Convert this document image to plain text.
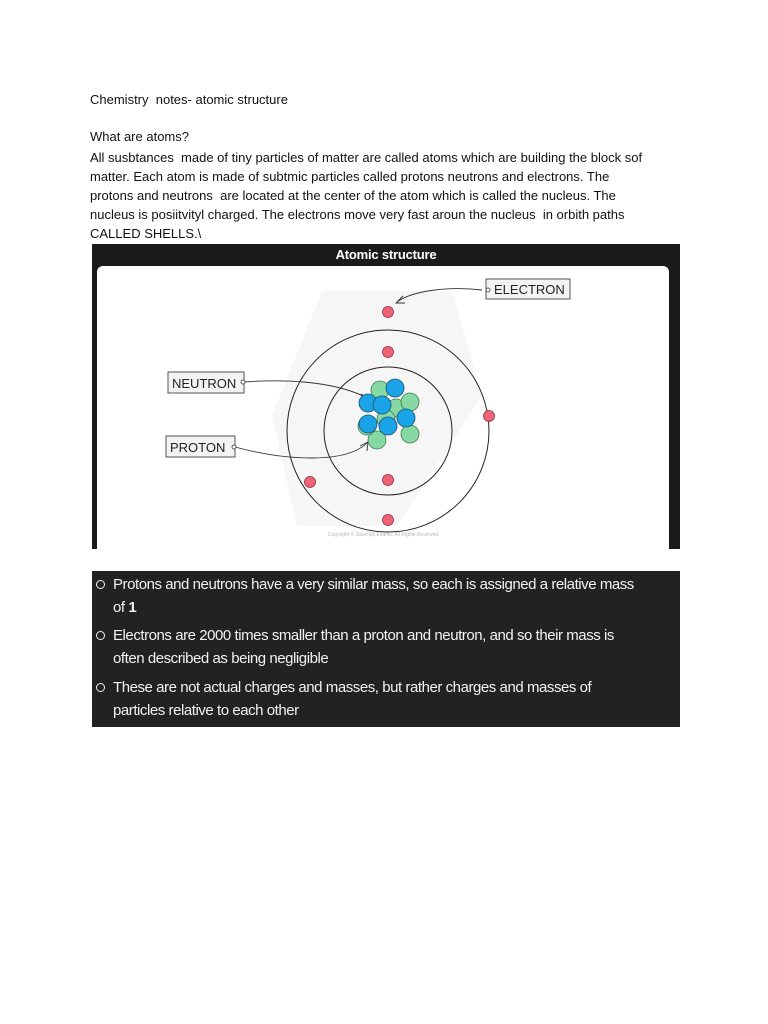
Chemistry  notes- atomic structure
What are atoms?
All susbtances  made of tiny particles of matter are called atoms which are building the block sof
matter. Each atom is made of subtmic particles called protons neutrons and electrons. The
protons and neutrons  are located at the center of the atom which is called the nucleus. The
nucleus is posiitvityl charged. The electrons move very fast aroun the nucleus  in orbith paths
CALLED SHELLS.\
Atomic structure
ELECTRON
NEUTRON
PROTON
Copyright © Save My Exams. All Rights Reserved
Protons and neutrons have a very similar mass, so each is assigned a relative mass
of 1
Electrons are 2000 times smaller than a proton and neutron, and so their mass is
often described as being negligible
These are not actual charges and masses, but rather charges and masses of
particles relative to each other
